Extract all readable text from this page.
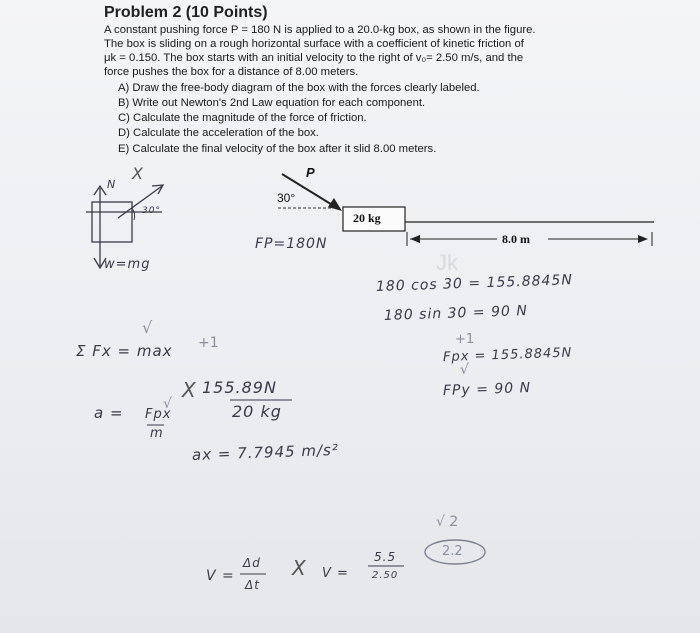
Problem 2 (10 Points)
A constant pushing force P = 180 N is applied to a 20.0-kg box, as shown in the figure.
The box is sliding on a rough horizontal surface with a coefficient of kinetic friction of
μk = 0.150. The box starts with an initial velocity to the right of v₀= 2.50 m/s, and the
force pushes the box for a distance of 8.00 meters.
A) Draw the free-body diagram of the box with the forces clearly labeled.
B) Write out Newton's 2nd Law equation for each component.
C) Calculate the magnitude of the force of friction.
D) Calculate the acceleration of the box.
E) Calculate the final velocity of the box after it slid 8.00 meters.
P
30°
20 kg
8.0 m
Jk
N
X
30°
w=mg
FP=180N
180 cos 30 = 155.8845N
180 sin 30 = 90 N
+1
Fpx = 155.8845N
√
FPy = 90 N
√
Σ Fx = max +1
a = Fpx
√
m
X 155.89N
20 kg
ax = 7.7945 m/s²
V =
Δd
Δt
X V =
5.5
2.50
√ 2
2.2
